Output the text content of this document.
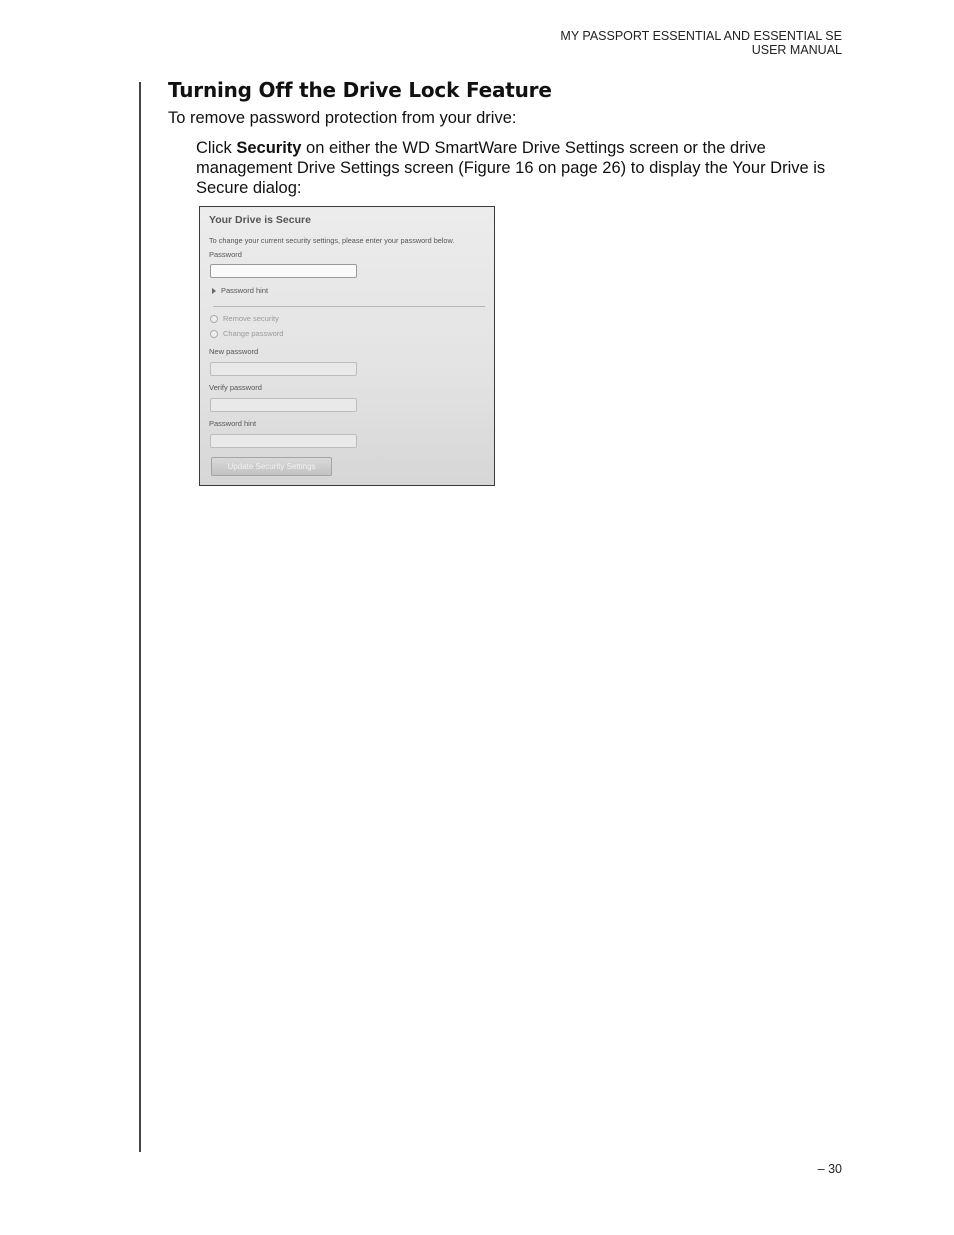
MY PASSPORT ESSENTIAL AND ESSENTIAL SE
USER MANUAL
Turning Off the Drive Lock Feature
To remove password protection from your drive:
Click Security on either the WD SmartWare Drive Settings screen or the drive management Drive Settings screen (Figure 16 on page 26) to display the Your Drive is Secure dialog:
Your Drive is Secure
To change your current security settings, please enter your password below.
Password
Password hint
Remove security
Change password
New password
Verify password
Password hint
Update Security Settings
– 30
